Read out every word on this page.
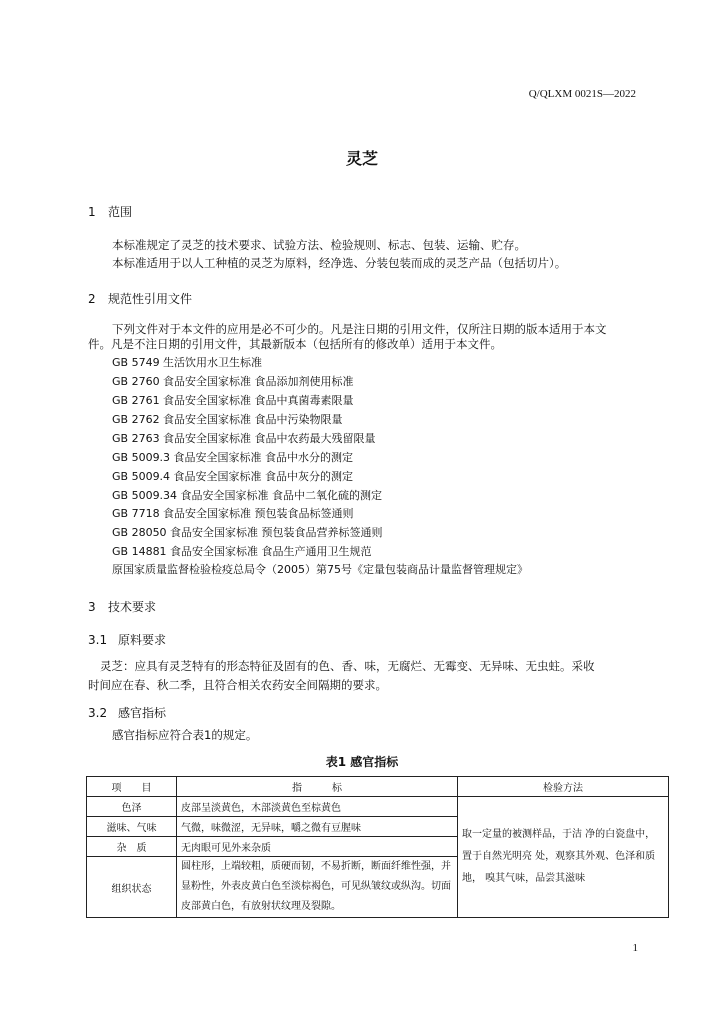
Q/QLXM 0021S—2022
灵芝
1 范围
本标准规定了灵芝的技术要求、试验方法、检验规则、标志、包装、运输、贮存。
本标准适用于以人工种植的灵芝为原料，经净选、分装包装而成的灵芝产品（包括切片）。
2 规范性引用文件
下列文件对于本文件的应用是必不可少的。凡是注日期的引用文件，仅所注日期的版本适用于本文
件。凡是不注日期的引用文件，其最新版本（包括所有的修改单）适用于本文件。
GB 5749 生活饮用水卫生标准
GB 2760 食品安全国家标准 食品添加剂使用标准
GB 2761 食品安全国家标准 食品中真菌毒素限量
GB 2762 食品安全国家标准 食品中污染物限量
GB 2763 食品安全国家标准 食品中农药最大残留限量
GB 5009.3 食品安全国家标准 食品中水分的测定
GB 5009.4 食品安全国家标准 食品中灰分的测定
GB 5009.34 食品安全国家标准 食品中二氧化硫的测定
GB 7718 食品安全国家标准 预包装食品标签通则
GB 28050 食品安全国家标准 预包装食品营养标签通则
GB 14881 食品安全国家标准 食品生产通用卫生规范
原国家质量监督检验检疫总局令（2005）第75号《定量包装商品计量监督管理规定》
3 技术要求
3.1 原料要求
灵芝：应具有灵芝特有的形态特征及固有的色、香、味，无腐烂、无霉变、无异味、无虫蛀。采收
时间应在春、秋二季，且符合相关农药安全间隔期的要求。
3.2 感官指标
感官指标应符合表1的规定。
表1 感官指标
项　　目	指　　　标	检验方法
色泽	皮部呈淡黄色，木部淡黄色至棕黄色	取一定量的被测样品，于洁 净的白瓷盘中，置于自然光明亮 处，观察其外观、色泽和质地， 嗅其气味，品尝其滋味
滋味、气味	气微，味微涩，无异味，嚼之微有豆腥味	
杂　质	无肉眼可见外来杂质	
组织状态	圆柱形，上端较粗，质硬而韧，不易折断，断面纤维性强，并显粉性，外表皮黄白色至淡棕褐色，可见纵皱纹或纵沟。切面皮部黄白色，有放射状纹理及裂隙。	
1
